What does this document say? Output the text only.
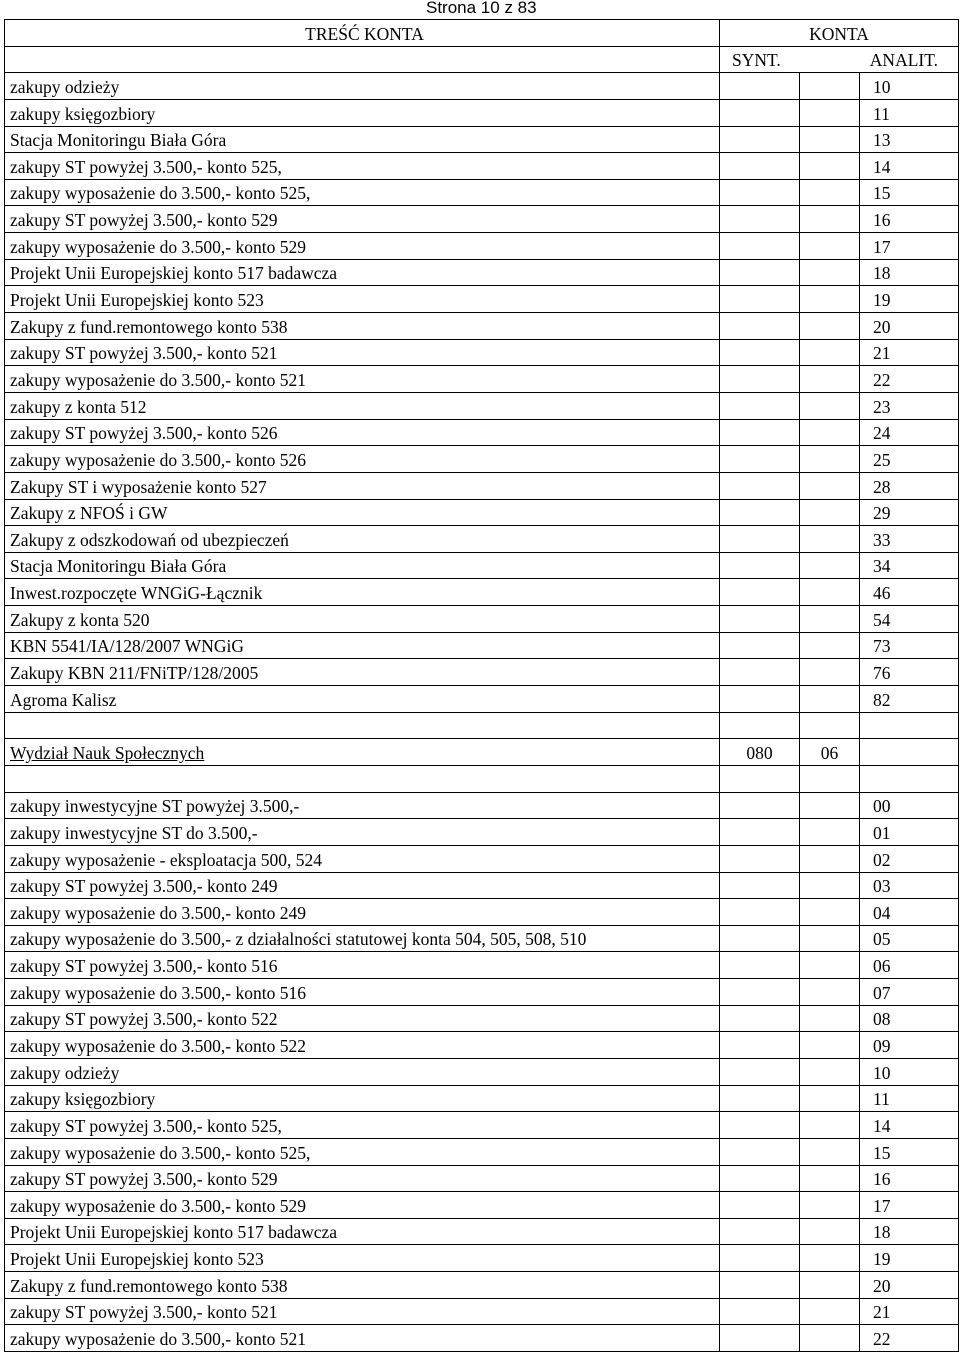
Strona 10 z 83
TREŚĆ KONTA	KONTA		

	SYNT. ANALIT.		

zakupy odzieży			10
zakupy księgozbiory			11
Stacja Monitoringu Biała Góra			13
zakupy ST powyżej 3.500,- konto 525,			14
zakupy wyposażenie do 3.500,- konto 525,			15
zakupy ST powyżej 3.500,- konto 529			16
zakupy wyposażenie do 3.500,- konto 529			17
Projekt Unii Europejskiej konto 517 badawcza			18
Projekt Unii Europejskiej konto 523			19
Zakupy z fund.remontowego konto 538			20
zakupy ST powyżej 3.500,- konto 521			21
zakupy wyposażenie do 3.500,- konto 521			22
zakupy z konta 512			23
zakupy ST powyżej 3.500,- konto 526			24
zakupy wyposażenie do 3.500,- konto 526			25
Zakupy ST i wyposażenie konto 527			28
Zakupy z NFOŚ i GW			29
Zakupy z odszkodowań od ubezpieczeń			33
Stacja Monitoringu Biała Góra			34
Inwest.rozpoczęte WNGiG-Łącznik			46
Zakupy z konta 520			54
KBN 5541/IA/128/2007 WNGiG			73
Zakupy KBN 211/FNiTP/128/2005			76
Agroma Kalisz			82

Wydział Nauk Społecznych	080	06	

zakupy inwestycyjne ST powyżej 3.500,-			00
zakupy inwestycyjne ST do 3.500,-			01
zakupy wyposażenie - eksploatacja 500, 524			02
zakupy ST powyżej 3.500,- konto 249			03
zakupy wyposażenie do 3.500,- konto 249			04
zakupy wyposażenie do 3.500,- z działalności statutowej konta 504, 505, 508, 510			05
zakupy ST powyżej 3.500,- konto 516			06
zakupy wyposażenie do 3.500,- konto 516			07
zakupy ST powyżej 3.500,- konto 522			08
zakupy wyposażenie do 3.500,- konto 522			09
zakupy odzieży			10
zakupy księgozbiory			11
zakupy ST powyżej 3.500,- konto 525,			14
zakupy wyposażenie do 3.500,- konto 525,			15
zakupy ST powyżej 3.500,- konto 529			16
zakupy wyposażenie do 3.500,- konto 529			17
Projekt Unii Europejskiej konto 517 badawcza			18
Projekt Unii Europejskiej konto 523			19
Zakupy z fund.remontowego konto 538			20
zakupy ST powyżej 3.500,- konto 521			21
zakupy wyposażenie do 3.500,- konto 521			22
